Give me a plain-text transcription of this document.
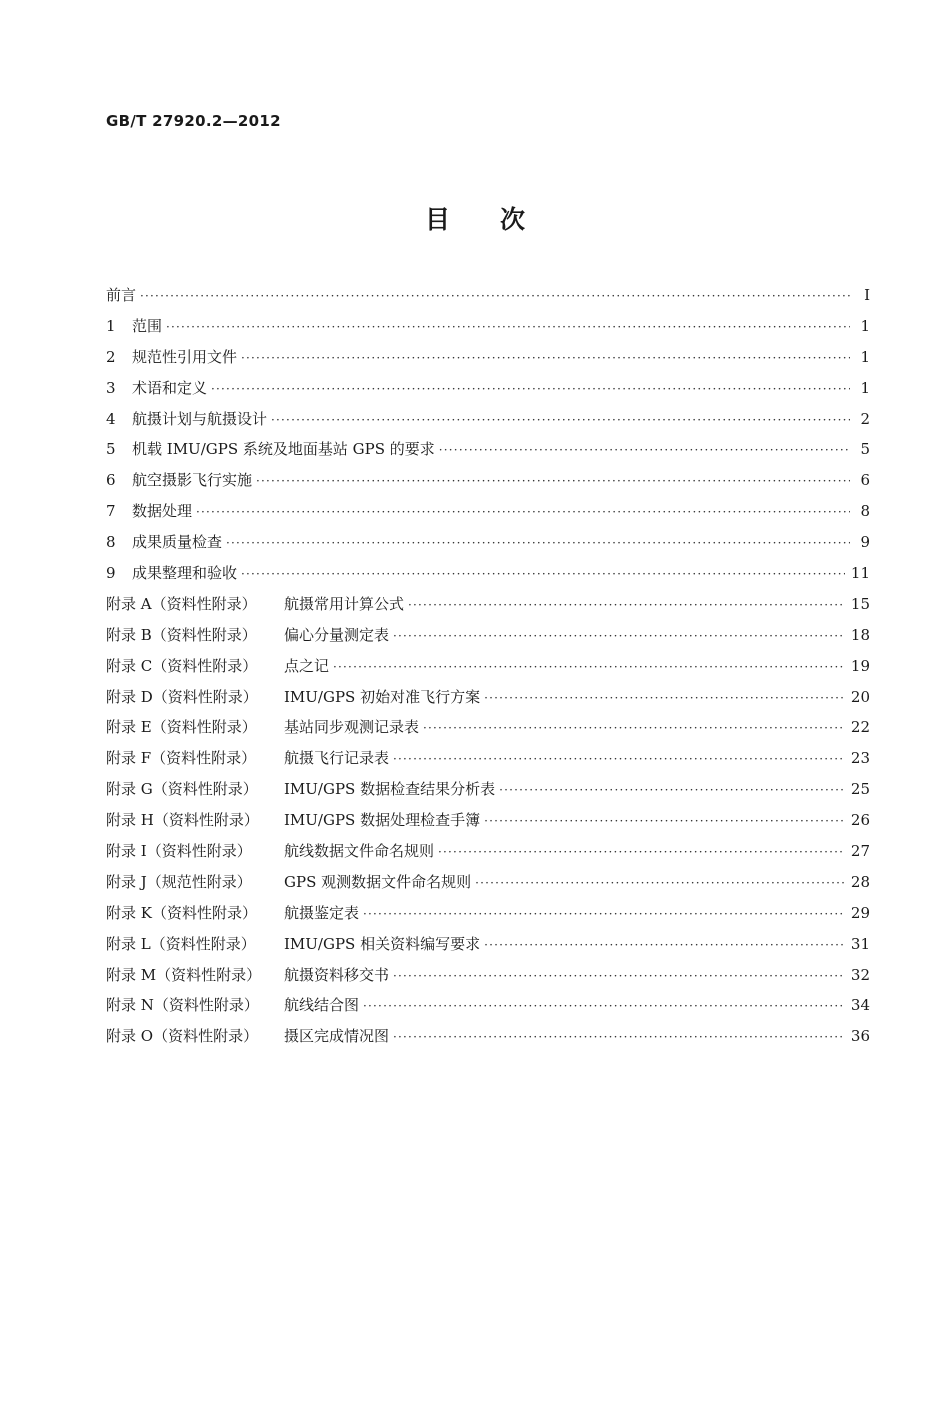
GB/T 27920.2—2012
目次
前言 ·····	Ⅰ
1	范围 ·····	1
2	规范性引用文件 ·····	1
3	术语和定义 ·····	1
4	航摄计划与航摄设计 ·····	2
5	机载 IMU/GPS 系统及地面基站 GPS 的要求 ·····	5
6	航空摄影飞行实施 ·····	6
7	数据处理 ·····	8
8	成果质量检查 ·····	9
9	成果整理和验收 ·····	11
附录 A（资料性附录）	航摄常用计算公式 ·····	15
附录 B（资料性附录）	偏心分量测定表 ·····	18
附录 C（资料性附录）	点之记 ·····	19
附录 D（资料性附录）	IMU/GPS 初始对准飞行方案 ·····	20
附录 E（资料性附录）	基站同步观测记录表 ·····	22
附录 F（资料性附录）	航摄飞行记录表 ·····	23
附录 G（资料性附录）	IMU/GPS 数据检查结果分析表 ·····	25
附录 H（资料性附录）	IMU/GPS 数据处理检查手簿 ·····	26
附录 I（资料性附录）	航线数据文件命名规则 ·····	27
附录 J（规范性附录）	GPS 观测数据文件命名规则 ·····	28
附录 K（资料性附录）	航摄鉴定表 ·····	29
附录 L（资料性附录）	IMU/GPS 相关资料编写要求 ·····	31
附录 M（资料性附录）	航摄资料移交书 ·····	32
附录 N（资料性附录）	航线结合图 ·····	34
附录 O（资料性附录）	摄区完成情况图 ·····	36
